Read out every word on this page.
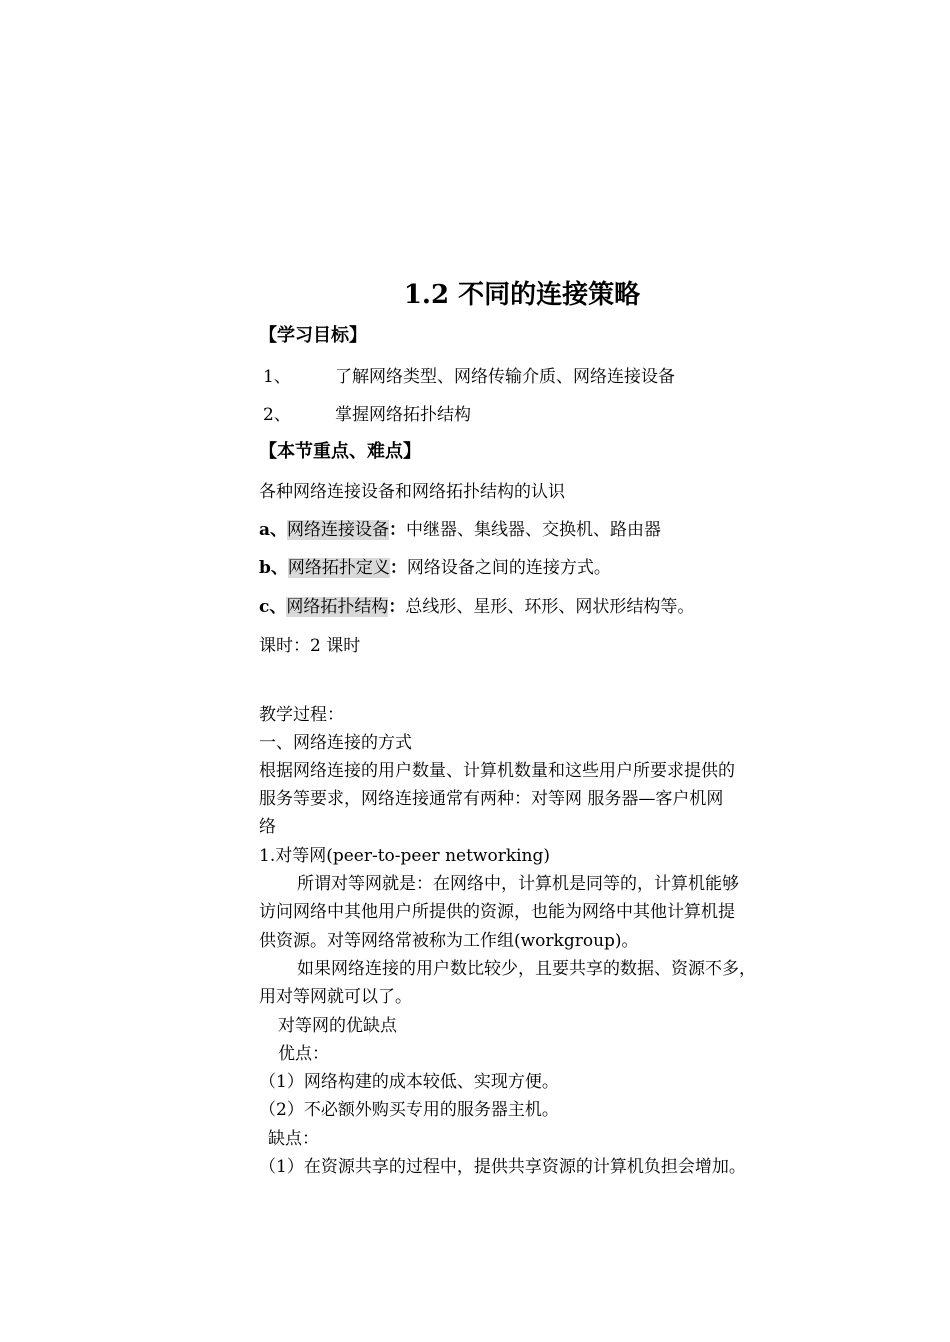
1.2 不同的连接策略
【学习目标】
1、	了解网络类型、网络传输介质、网络连接设备
2、	掌握网络拓扑结构
【本节重点、难点】
各种网络连接设备和网络拓扑结构的认识
a、网络连接设备：中继器、集线器、交换机、路由器
b、网络拓扑定义：网络设备之间的连接方式。
c、网络拓扑结构：总线形、星形、环形、网状形结构等。
课时：2 课时
教学过程：
一、网络连接的方式
根据网络连接的用户数量、计算机数量和这些用户所要求提供的
服务等要求，网络连接通常有两种：对等网 服务器—客户机网
络
1.对等网(peer-to-peer networking)
所谓对等网就是：在网络中，计算机是同等的，计算机能够
访问网络中其他用户所提供的资源，也能为网络中其他计算机提
供资源。对等网络常被称为工作组(workgroup)。
如果网络连接的用户数比较少，且要共享的数据、资源不多，
用对等网就可以了。
对等网的优缺点
优点：
（1）网络构建的成本较低、实现方便。
（2）不必额外购买专用的服务器主机。
缺点：
（1）在资源共享的过程中，提供共享资源的计算机负担会增加。
